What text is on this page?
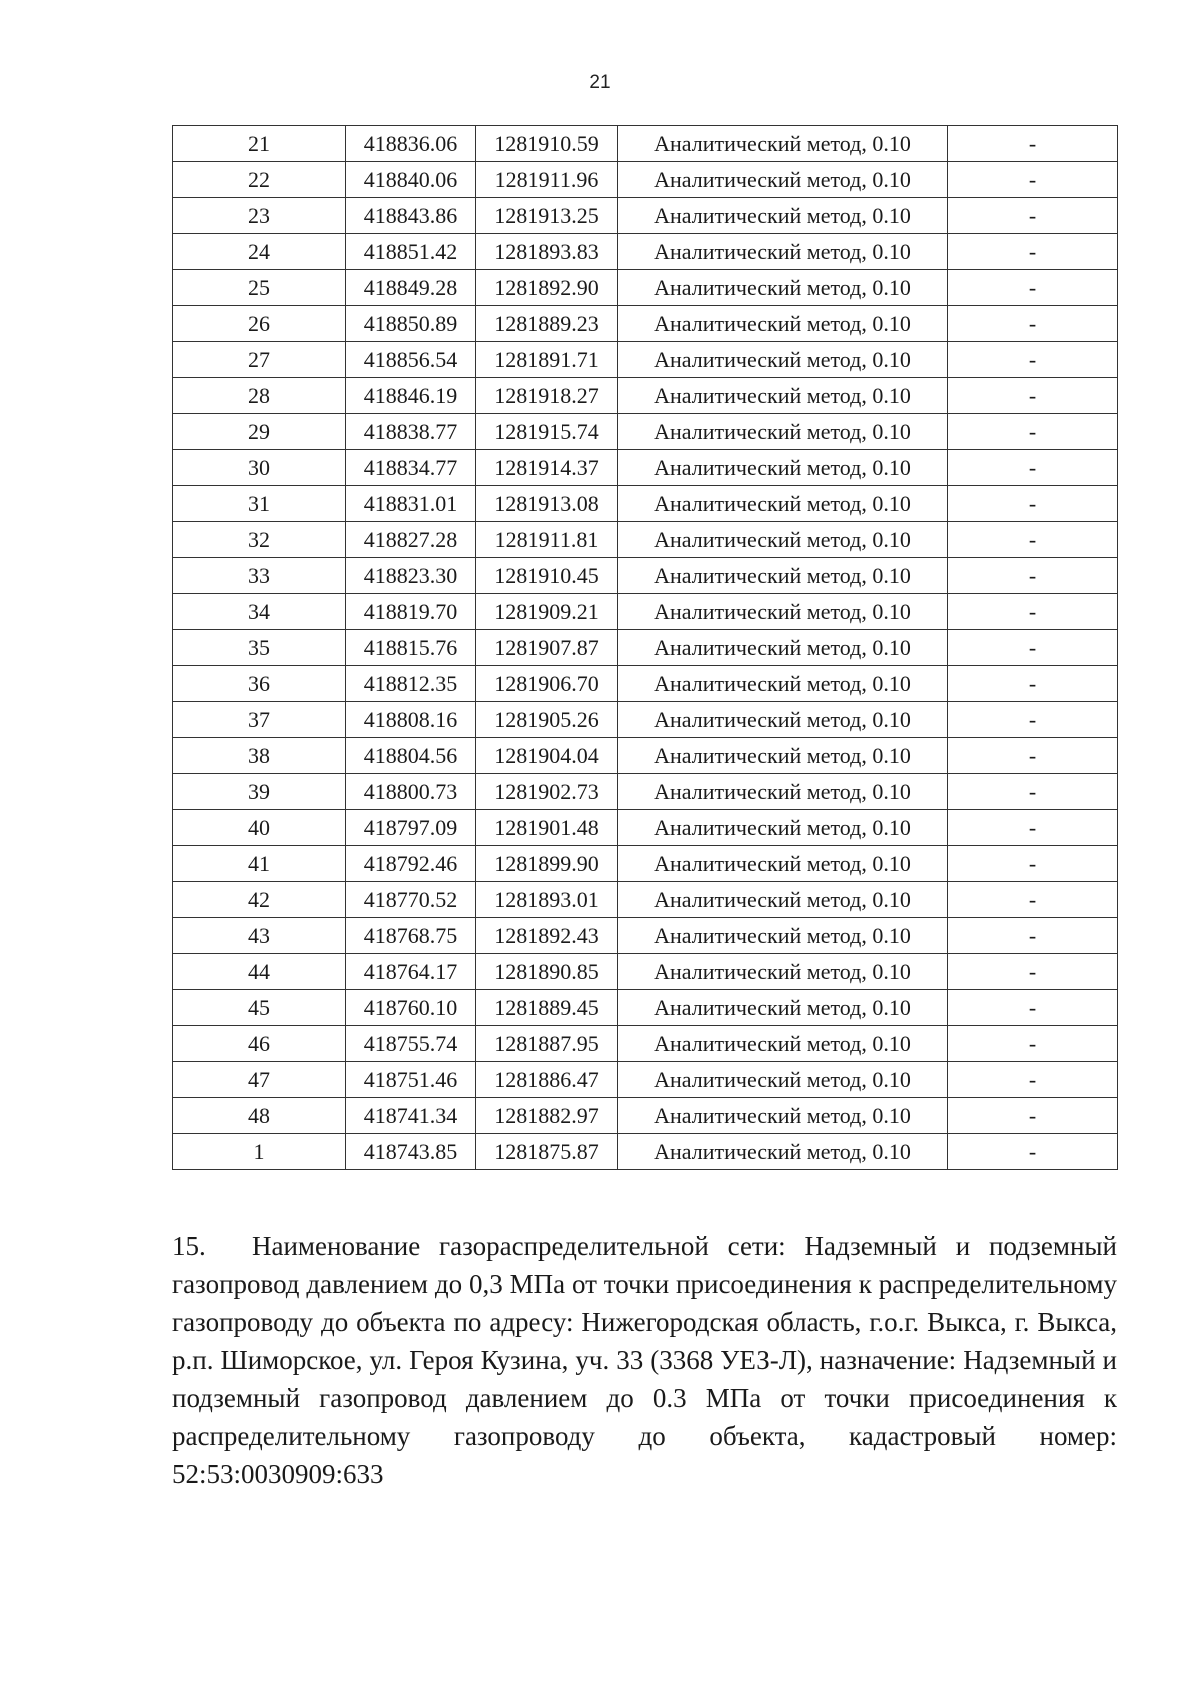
21
21	418836.06	1281910.59	Аналитический метод, 0.10	-
22	418840.06	1281911.96	Аналитический метод, 0.10	-
23	418843.86	1281913.25	Аналитический метод, 0.10	-
24	418851.42	1281893.83	Аналитический метод, 0.10	-
25	418849.28	1281892.90	Аналитический метод, 0.10	-
26	418850.89	1281889.23	Аналитический метод, 0.10	-
27	418856.54	1281891.71	Аналитический метод, 0.10	-
28	418846.19	1281918.27	Аналитический метод, 0.10	-
29	418838.77	1281915.74	Аналитический метод, 0.10	-
30	418834.77	1281914.37	Аналитический метод, 0.10	-
31	418831.01	1281913.08	Аналитический метод, 0.10	-
32	418827.28	1281911.81	Аналитический метод, 0.10	-
33	418823.30	1281910.45	Аналитический метод, 0.10	-
34	418819.70	1281909.21	Аналитический метод, 0.10	-
35	418815.76	1281907.87	Аналитический метод, 0.10	-
36	418812.35	1281906.70	Аналитический метод, 0.10	-
37	418808.16	1281905.26	Аналитический метод, 0.10	-
38	418804.56	1281904.04	Аналитический метод, 0.10	-
39	418800.73	1281902.73	Аналитический метод, 0.10	-
40	418797.09	1281901.48	Аналитический метод, 0.10	-
41	418792.46	1281899.90	Аналитический метод, 0.10	-
42	418770.52	1281893.01	Аналитический метод, 0.10	-
43	418768.75	1281892.43	Аналитический метод, 0.10	-
44	418764.17	1281890.85	Аналитический метод, 0.10	-
45	418760.10	1281889.45	Аналитический метод, 0.10	-
46	418755.74	1281887.95	Аналитический метод, 0.10	-
47	418751.46	1281886.47	Аналитический метод, 0.10	-
48	418741.34	1281882.97	Аналитический метод, 0.10	-
1	418743.85	1281875.87	Аналитический метод, 0.10	-
15. Наименование газораспределительной сети: Надземный и подземный газопровод давлением до 0,3 МПа от точки присоединения к распределительному газопроводу до объекта по адресу: Нижегородская область, г.о.г. Выкса, г. Выкса, р.п. Шиморское, ул. Героя Кузина, уч. 33 (3368 УЕЗ-Л), назначение: Надземный и подземный газопровод давлением до 0.3 МПа от точки присоединения к распределительному газопроводу до объекта, кадастровый номер: 52:53:0030909:633
